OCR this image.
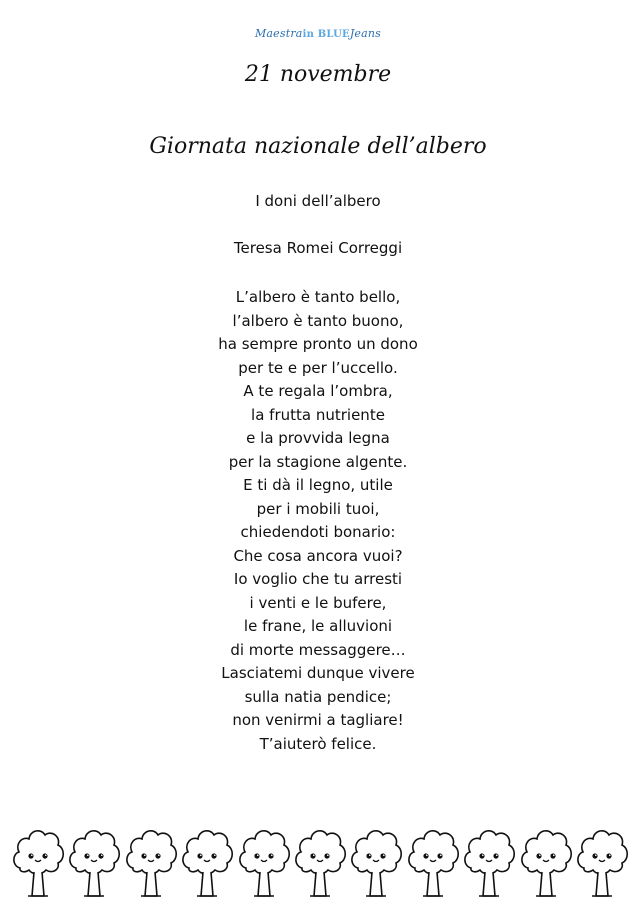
Maestrain BLUEJeans
21 novembre
Giornata nazionale dell’albero
I doni dell’albero
Teresa Romei Correggi
L’albero è tanto bello,
l’albero è tanto buono,
ha sempre pronto un dono
per te e per l’uccello.
A te regala l’ombra,
la frutta nutriente
e la provvida legna
per la stagione algente.
E ti dà il legno, utile
per i mobili tuoi,
chiedendoti bonario:
Che cosa ancora vuoi?
Io voglio che tu arresti
i venti e le bufere,
le frane, le alluvioni
di morte messaggere…
Lasciatemi dunque vivere
sulla natia pendice;
non venirmi a tagliare!
T’aiuterò felice.
